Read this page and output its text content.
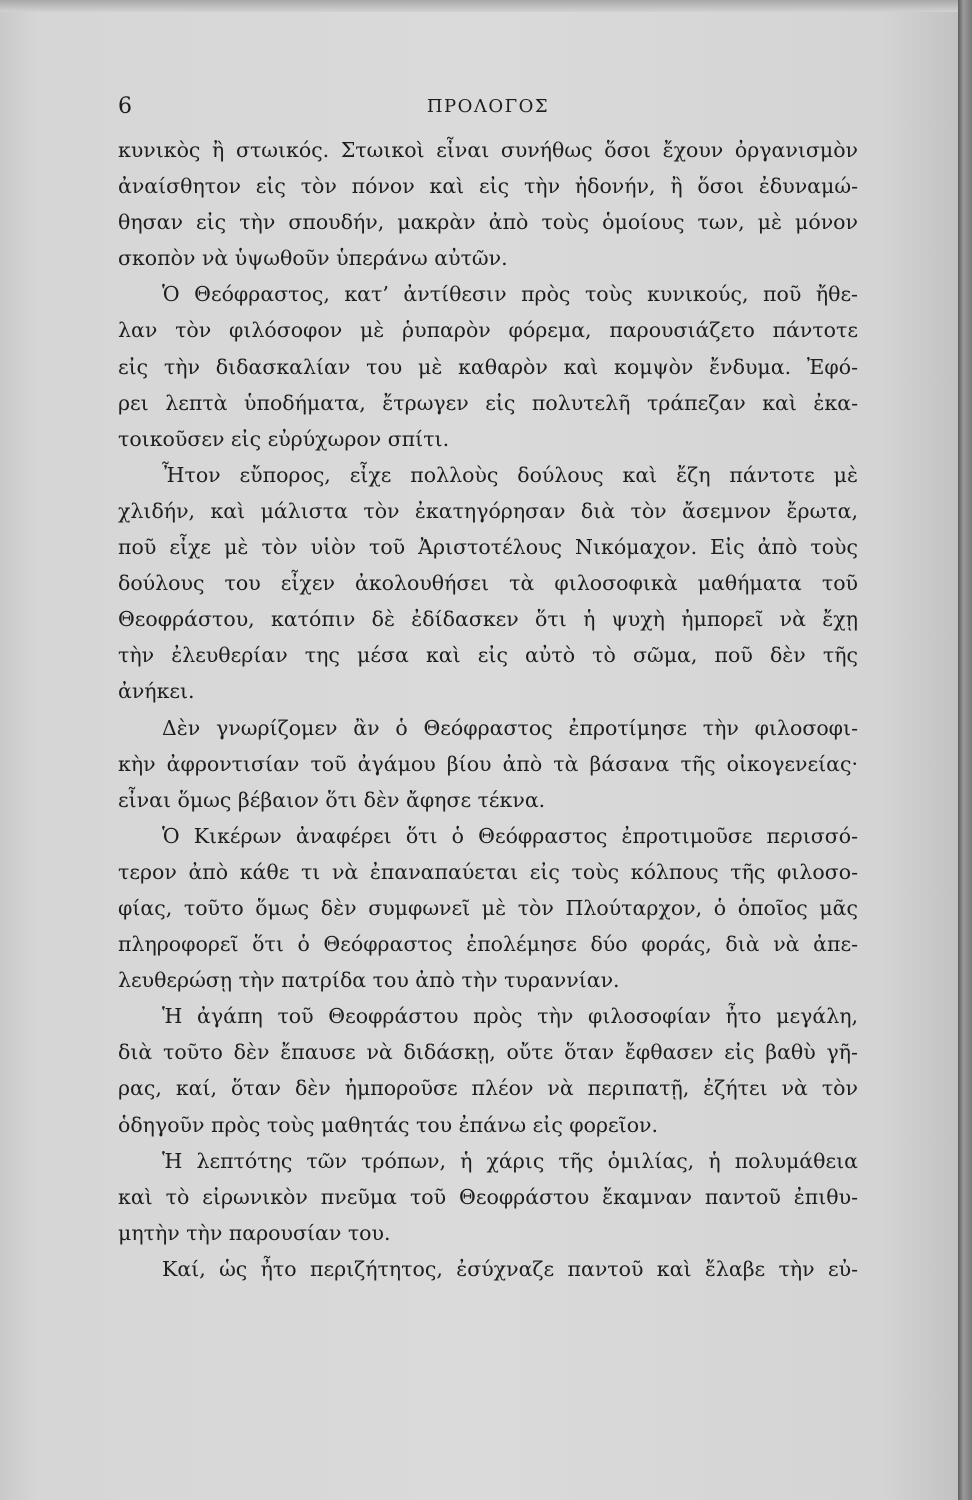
6	ΠΡΟΛΟΓΟΣ
κυνικὸς ἢ στωικός. Στωικοὶ εἶναι συνήθως ὅσοι ἔχουν ὀργανισμὸν
ἀναίσθητον εἰς τὸν πόνον καὶ εἰς τὴν ἡδονήν, ἢ ὅσοι ἐδυναμώ-
θησαν εἰς τὴν σπουδήν, μακρὰν ἀπὸ τοὺς ὁμοίους των, μὲ μόνον
σκοπὸν νὰ ὑψωθοῦν ὑπεράνω αὐτῶν.
Ὁ Θεόφραστος, κατ’ ἀντίθεσιν πρὸς τοὺς κυνικούς, ποῦ ἤθε-
λαν τὸν φιλόσοφον μὲ ῥυπαρὸν φόρεμα, παρουσιάζετο πάντοτε
εἰς τὴν διδασκαλίαν του μὲ καθαρὸν καὶ κομψὸν ἔνδυμα. Ἐφό-
ρει λεπτὰ ὑποδήματα, ἔτρωγεν εἰς πολυτελῆ τράπεζαν καὶ ἐκα-
τοικοῦσεν εἰς εὐρύχωρον σπίτι.
Ἦτον εὔπορος, εἶχε πολλοὺς δούλους καὶ ἔζη πάντοτε μὲ
χλιδήν, καὶ μάλιστα τὸν ἐκατηγόρησαν διὰ τὸν ἄσεμνον ἔρωτα,
ποῦ εἶχε μὲ τὸν υἱὸν τοῦ Ἀριστοτέλους Νικόμαχον. Εἰς ἀπὸ τοὺς
δούλους του εἶχεν ἀκολουθήσει τὰ φιλοσοφικὰ μαθήματα τοῦ
Θεοφράστου, κατόπιν δὲ ἐδίδασκεν ὅτι ἡ ψυχὴ ἠμπορεῖ νὰ ἔχῃ
τὴν ἐλευθερίαν της μέσα καὶ εἰς αὐτὸ τὸ σῶμα, ποῦ δὲν τῆς
ἀνήκει.
Δὲν γνωρίζομεν ἂν ὁ Θεόφραστος ἐπροτίμησε τὴν φιλοσοφι-
κὴν ἀφροντισίαν τοῦ ἀγάμου βίου ἀπὸ τὰ βάσανα τῆς οἰκογενείας·
εἶναι ὅμως βέβαιον ὅτι δὲν ἄφησε τέκνα.
Ὁ Κικέρων ἀναφέρει ὅτι ὁ Θεόφραστος ἐπροτιμοῦσε περισσό-
τερον ἀπὸ κάθε τι νὰ ἐπαναπαύεται εἰς τοὺς κόλπους τῆς φιλοσο-
φίας, τοῦτο ὅμως δὲν συμφωνεῖ μὲ τὸν Πλούταρχον, ὁ ὁποῖος μᾶς
πληροφορεῖ ὅτι ὁ Θεόφραστος ἐπολέμησε δύο φοράς, διὰ νὰ ἀπε-
λευθερώσῃ τὴν πατρίδα του ἀπὸ τὴν τυραννίαν.
Ἡ ἀγάπη τοῦ Θεοφράστου πρὸς τὴν φιλοσοφίαν ἦτο μεγάλη,
διὰ τοῦτο δὲν ἔπαυσε νὰ διδάσκῃ, οὔτε ὅταν ἔφθασεν εἰς βαθὺ γῆ-
ρας, καί, ὅταν δὲν ἠμποροῦσε πλέον νὰ περιπατῇ, ἐζήτει νὰ τὸν
ὁδηγοῦν πρὸς τοὺς μαθητάς του ἐπάνω εἰς φορεῖον.
Ἡ λεπτότης τῶν τρόπων, ἡ χάρις τῆς ὁμιλίας, ἡ πολυμάθεια
καὶ τὸ εἰρωνικὸν πνεῦμα τοῦ Θεοφράστου ἔκαμναν παντοῦ ἐπιθυ-
μητὴν τὴν παρουσίαν του.
Καί, ὡς ἦτο περιζήτητος, ἐσύχναζε παντοῦ καὶ ἔλαβε τὴν εὐ-
